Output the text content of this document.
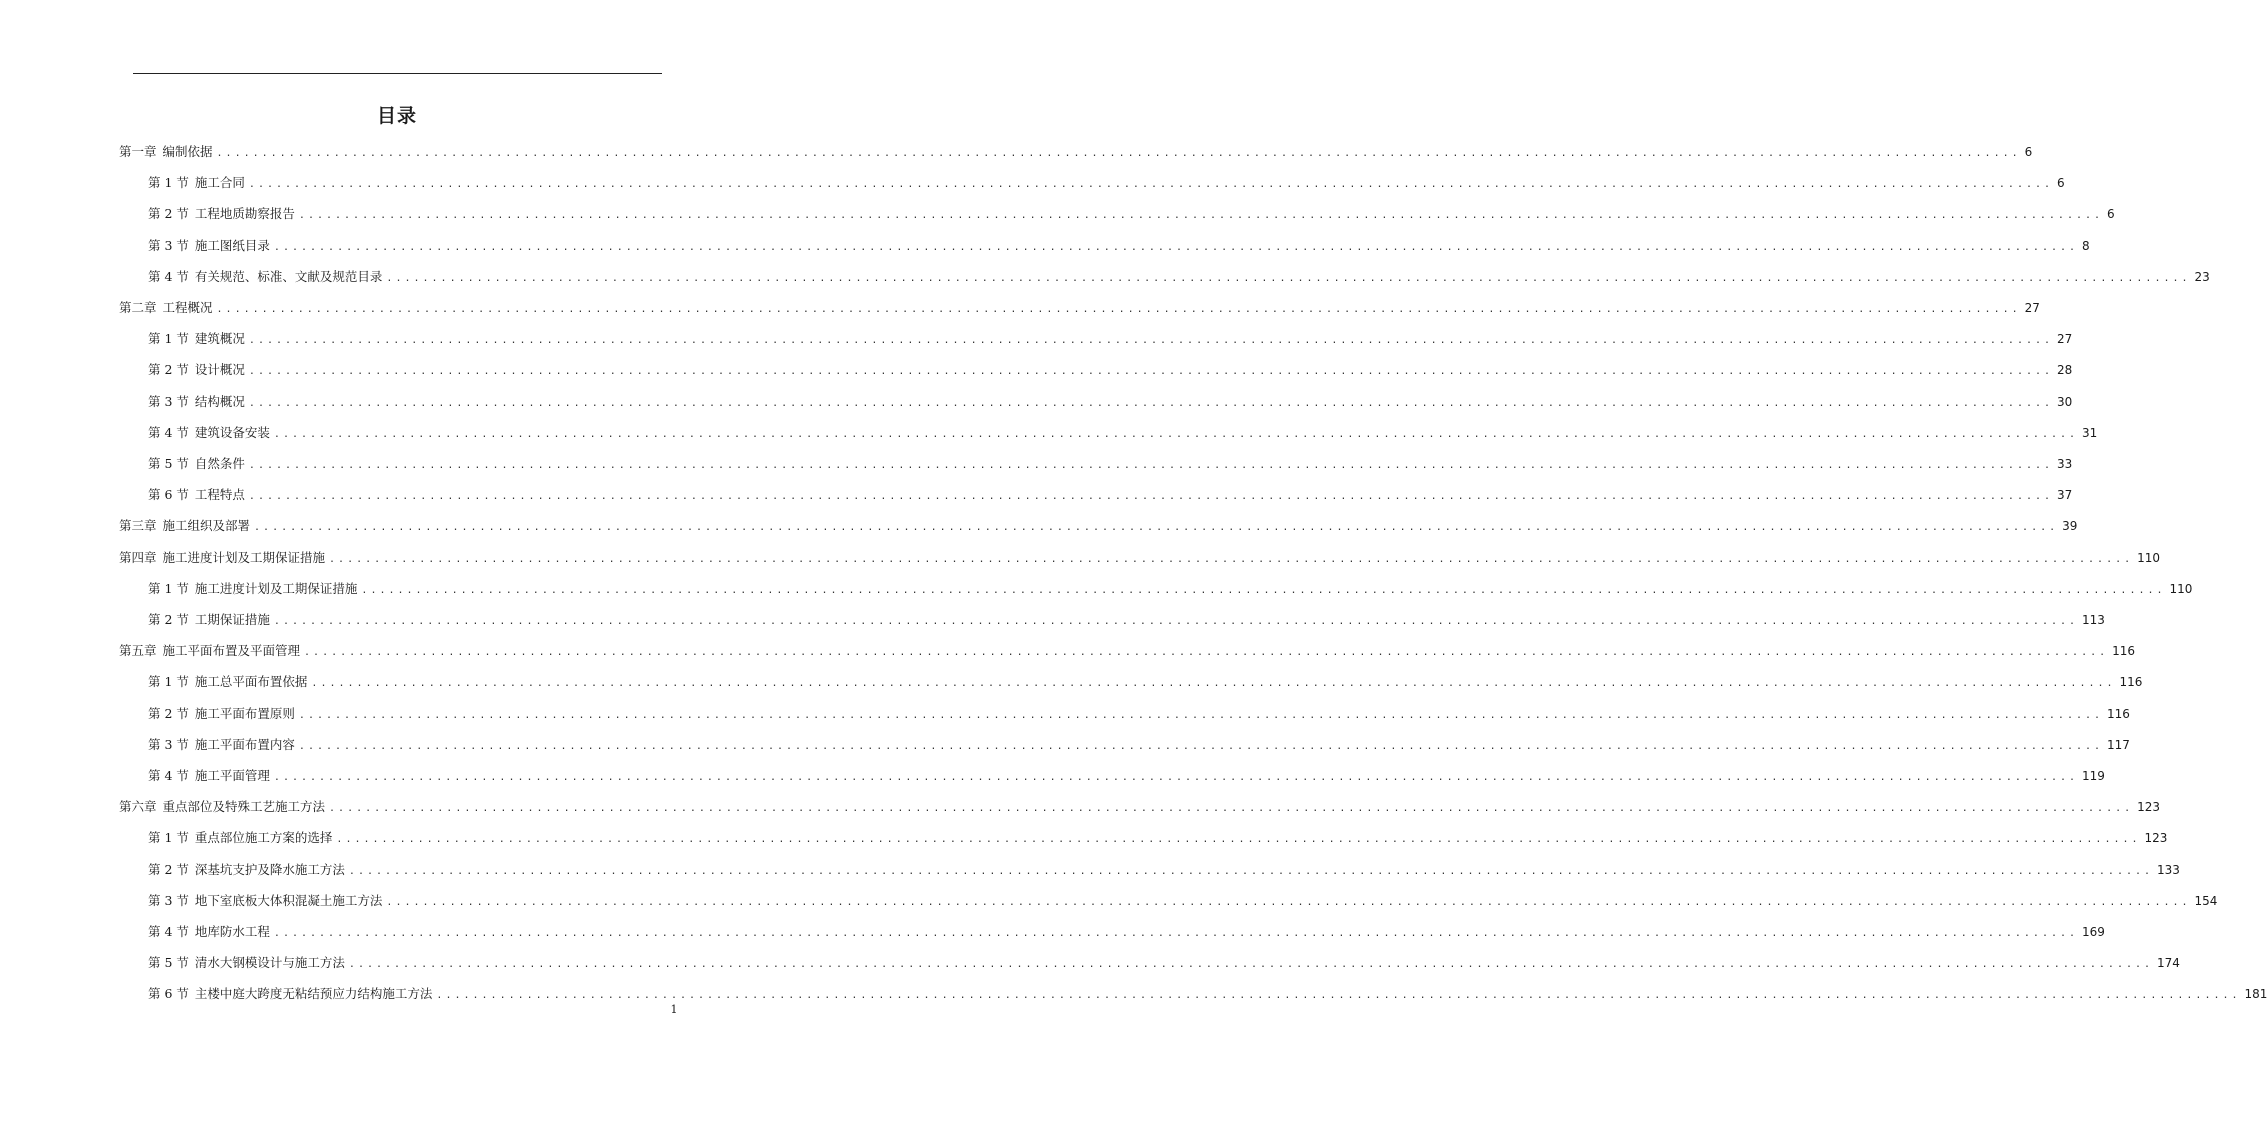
目录
第一章 编制依据 ........................................................................................................................................................................................................ 6
第 1 节 施工合同 ........................................................................................................................................................................................................ 6
第 2 节 工程地质勘察报告 ........................................................................................................................................................................................................ 6
第 3 节 施工图纸目录 ........................................................................................................................................................................................................ 8
第 4 节 有关规范、标准、文献及规范目录 ........................................................................................................................................................................................................ 23
第二章 工程概况 ........................................................................................................................................................................................................ 27
第 1 节 建筑概况 ........................................................................................................................................................................................................ 27
第 2 节 设计概况 ........................................................................................................................................................................................................ 28
第 3 节 结构概况 ........................................................................................................................................................................................................ 30
第 4 节 建筑设备安装 ........................................................................................................................................................................................................ 31
第 5 节 自然条件 ........................................................................................................................................................................................................ 33
第 6 节 工程特点 ........................................................................................................................................................................................................ 37
第三章 施工组织及部署 ........................................................................................................................................................................................................ 39
第四章 施工进度计划及工期保证措施 ........................................................................................................................................................................................................ 110
第 1 节 施工进度计划及工期保证措施 ........................................................................................................................................................................................................ 110
第 2 节 工期保证措施 ........................................................................................................................................................................................................ 113
第五章 施工平面布置及平面管理 ........................................................................................................................................................................................................ 116
第 1 节 施工总平面布置依据 ........................................................................................................................................................................................................ 116
第 2 节 施工平面布置原则 ........................................................................................................................................................................................................ 116
第 3 节 施工平面布置内容 ........................................................................................................................................................................................................ 117
第 4 节 施工平面管理 ........................................................................................................................................................................................................ 119
第六章 重点部位及特殊工艺施工方法 ........................................................................................................................................................................................................ 123
第 1 节 重点部位施工方案的选择 ........................................................................................................................................................................................................ 123
第 2 节 深基坑支护及降水施工方法 ........................................................................................................................................................................................................ 133
第 3 节 地下室底板大体积混凝土施工方法 ........................................................................................................................................................................................................ 154
第 4 节 地库防水工程 ........................................................................................................................................................................................................ 169
第 5 节 清水大钢模设计与施工方法 ........................................................................................................................................................................................................ 174
第 6 节 主楼中庭大跨度无粘结预应力结构施工方法 ........................................................................................................................................................................................................ 181
1
